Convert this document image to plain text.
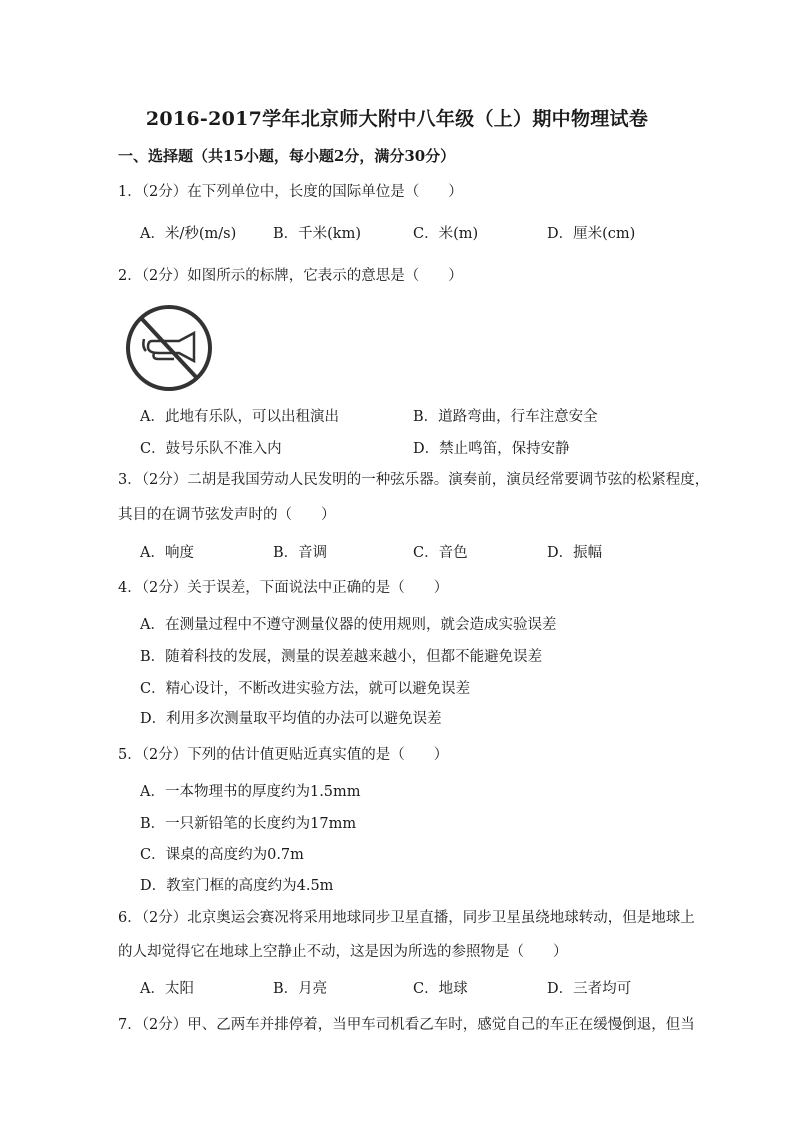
2016-2017学年北京师大附中八年级（上）期中物理试卷
一、选择题（共15小题，每小题2分，满分30分）
1．（2分）在下列单位中，长度的国际单位是（　　）
A．米/秒(m/s)	B．千米(km)	C．米(m)	D．厘米(cm)
2．（2分）如图所示的标牌，它表示的意思是（　　）
A．此地有乐队，可以出租演出	B．道路弯曲，行车注意安全
C．鼓号乐队不准入内	D．禁止鸣笛，保持安静
3．（2分）二胡是我国劳动人民发明的一种弦乐器。演奏前，演员经常要调节弦的松紧程度，
其目的在调节弦发声时的（　　）
A．响度	B．音调	C．音色	D．振幅
4．（2分）关于误差，下面说法中正确的是（　　）
A．在测量过程中不遵守测量仪器的使用规则，就会造成实验误差
B．随着科技的发展，测量的误差越来越小，但都不能避免误差
C．精心设计，不断改进实验方法，就可以避免误差
D．利用多次测量取平均值的办法可以避免误差
5．（2分）下列的估计值更贴近真实值的是（　　）
A．一本物理书的厚度约为1.5mm
B．一只新铅笔的长度约为17mm
C．课桌的高度约为0.7m
D．教室门框的高度约为4.5m
6．（2分）北京奥运会赛况将采用地球同步卫星直播，同步卫星虽绕地球转动，但是地球上
的人却觉得它在地球上空静止不动，这是因为所选的参照物是（　　）
A．太阳	B．月亮	C．地球	D．三者均可
7．（2分）甲、乙两车并排停着，当甲车司机看乙车时，感觉自己的车正在缓慢倒退，但当
